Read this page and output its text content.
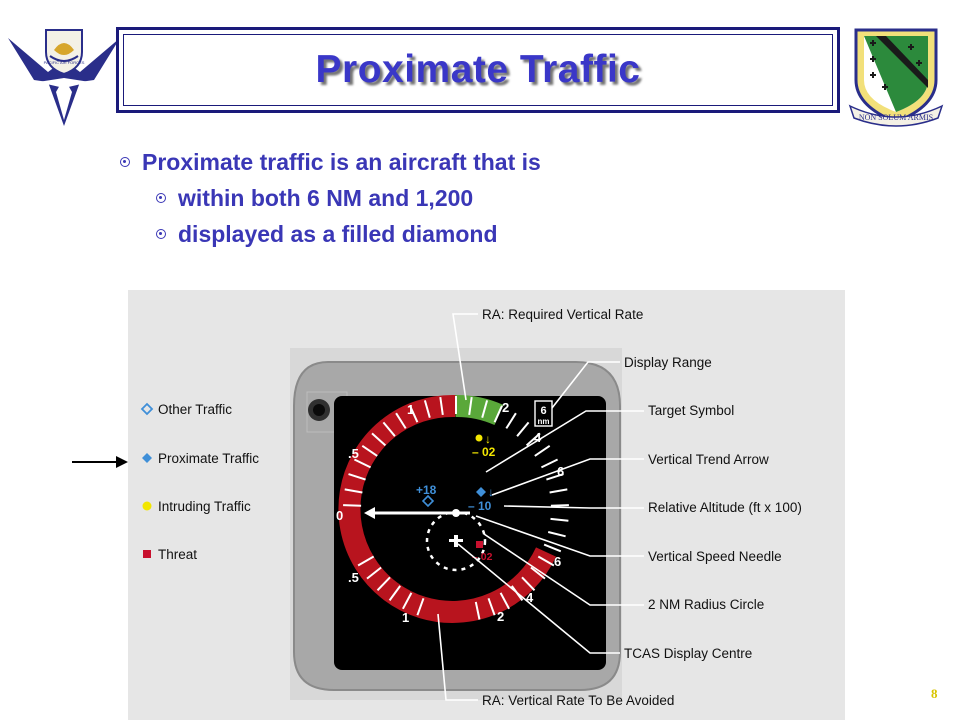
PACIFIC AIR FORCES	Proximate Traffic
NON SOLUM ARMIS
Proximate traffic is an aircraft that is
within both 6 NM and 1,200
displayed as a filled diamond
Other Traffic
Proximate Traffic
Intruding Traffic
Threat
1	2
4
6
.5
0
.5
1	2
4
6
6
nm
↓
– 02
↓
– 10
+18
– 02
RA: Required Vertical Rate
Display Range
Target Symbol
Vertical Trend Arrow
Relative Altitude (ft x 100)
Vertical Speed Needle
2 NM Radius Circle
TCAS Display Centre
RA: Vertical Rate To Be Avoided	8
